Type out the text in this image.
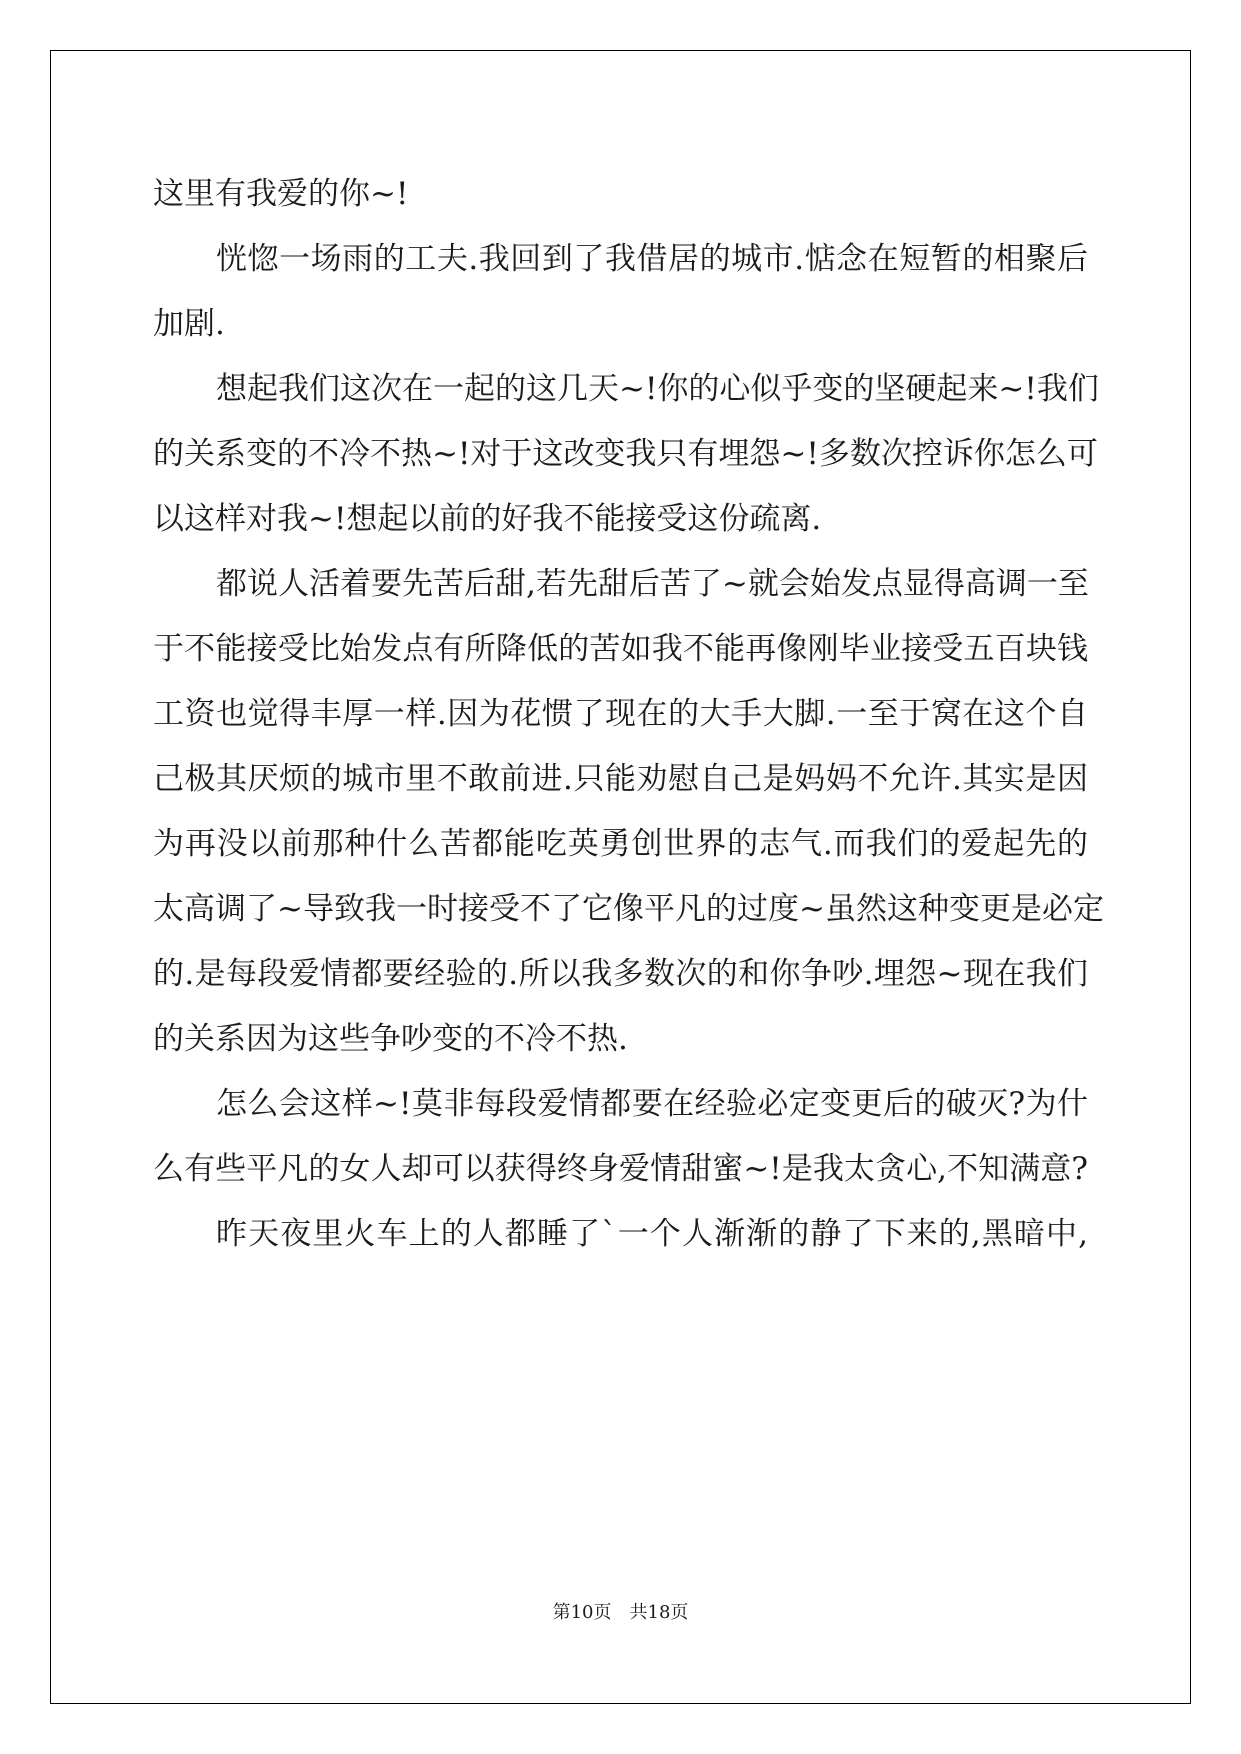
这里有我爱的你~!
恍惚一场雨的工夫.我回到了我借居的城市.惦念在短暂的相聚后
加剧.
想起我们这次在一起的这几天~!你的心似乎变的坚硬起来~!我们
的关系变的不冷不热~!对于这改变我只有埋怨~!多数次控诉你怎么可
以这样对我~!想起以前的好我不能接受这份疏离.
都说人活着要先苦后甜,若先甜后苦了~就会始发点显得高调一至
于不能接受比始发点有所降低的苦如我不能再像刚毕业接受五百块钱
工资也觉得丰厚一样.因为花惯了现在的大手大脚.一至于窝在这个自
己极其厌烦的城市里不敢前进.只能劝慰自己是妈妈不允许.其实是因
为再没以前那种什么苦都能吃英勇创世界的志气.而我们的爱起先的
太高调了~导致我一时接受不了它像平凡的过度~虽然这种变更是必定
的.是每段爱情都要经验的.所以我多数次的和你争吵.埋怨~现在我们
的关系因为这些争吵变的不冷不热.
怎么会这样~!莫非每段爱情都要在经验必定变更后的破灭?为什
么有些平凡的女人却可以获得终身爱情甜蜜~!是我太贪心,不知满意?
昨天夜里火车上的人都睡了`一个人渐渐的静了下来的,黑暗中,
第10页　共18页
